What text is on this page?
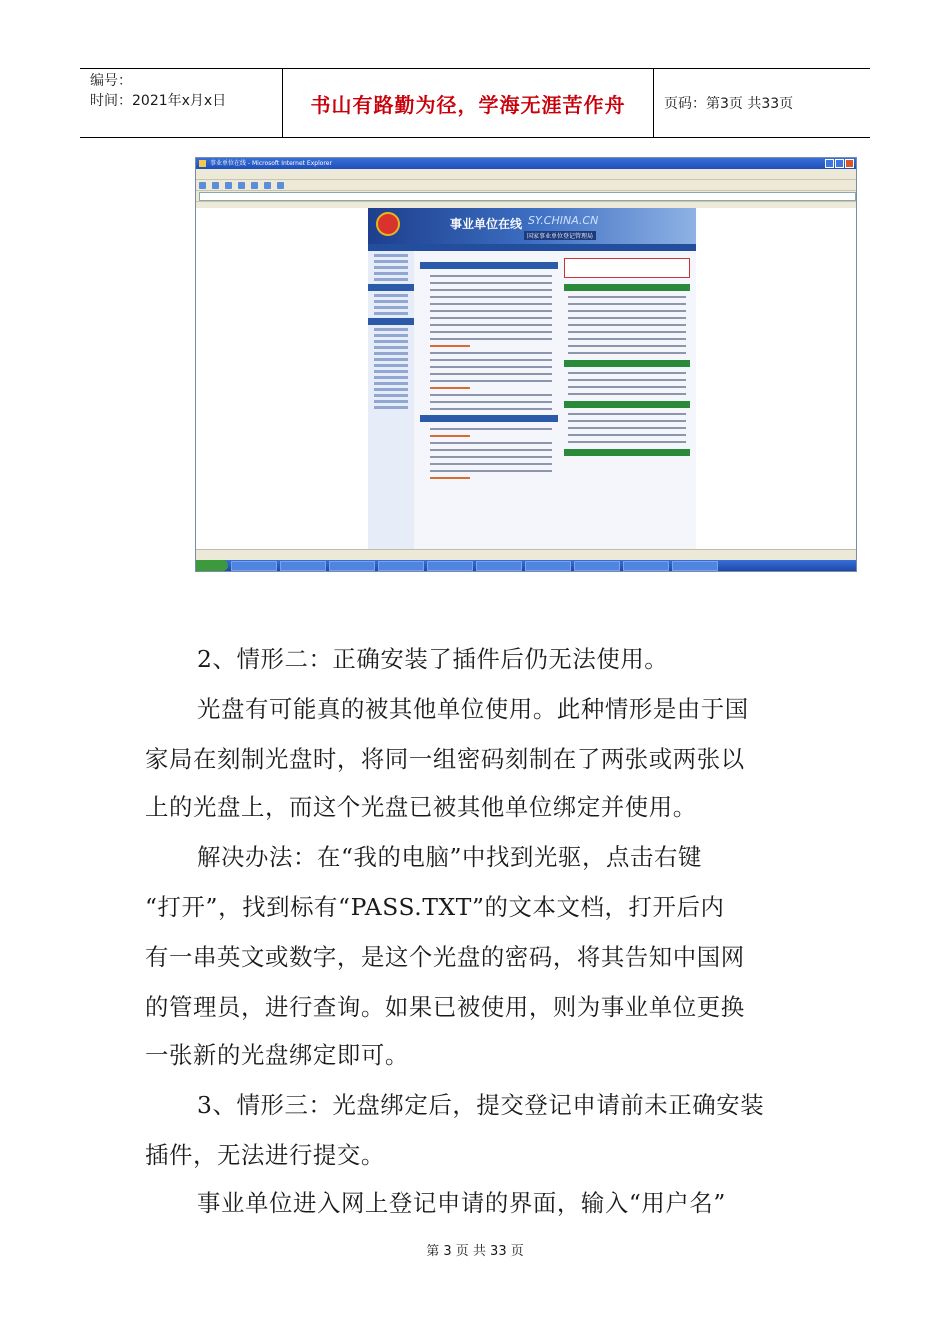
编号：
时间：2021年x月x日	书山有路勤为径，学海无涯苦作舟	页码：第3页 共33页
事业单位在线 - Microsoft Internet Explorer
事业单位在线 SY.CHINA.CN
国家事业单位登记管理局
2、情形二：正确安装了插件后仍无法使用。
光盘有可能真的被其他单位使用。此种情形是由于国
家局在刻制光盘时，将同一组密码刻制在了两张或两张以
上的光盘上，而这个光盘已被其他单位绑定并使用。
解决办法：在“我的电脑”中找到光驱，点击右键
“打开”，找到标有“PASS.TXT”的文本文档，打开后内
有一串英文或数字，是这个光盘的密码，将其告知中国网
的管理员，进行查询。如果已被使用，则为事业单位更换
一张新的光盘绑定即可。
3、情形三：光盘绑定后，提交登记申请前未正确安装
插件，无法进行提交。
事业单位进入网上登记申请的界面，输入“用户名”
第 3 页 共 33 页
